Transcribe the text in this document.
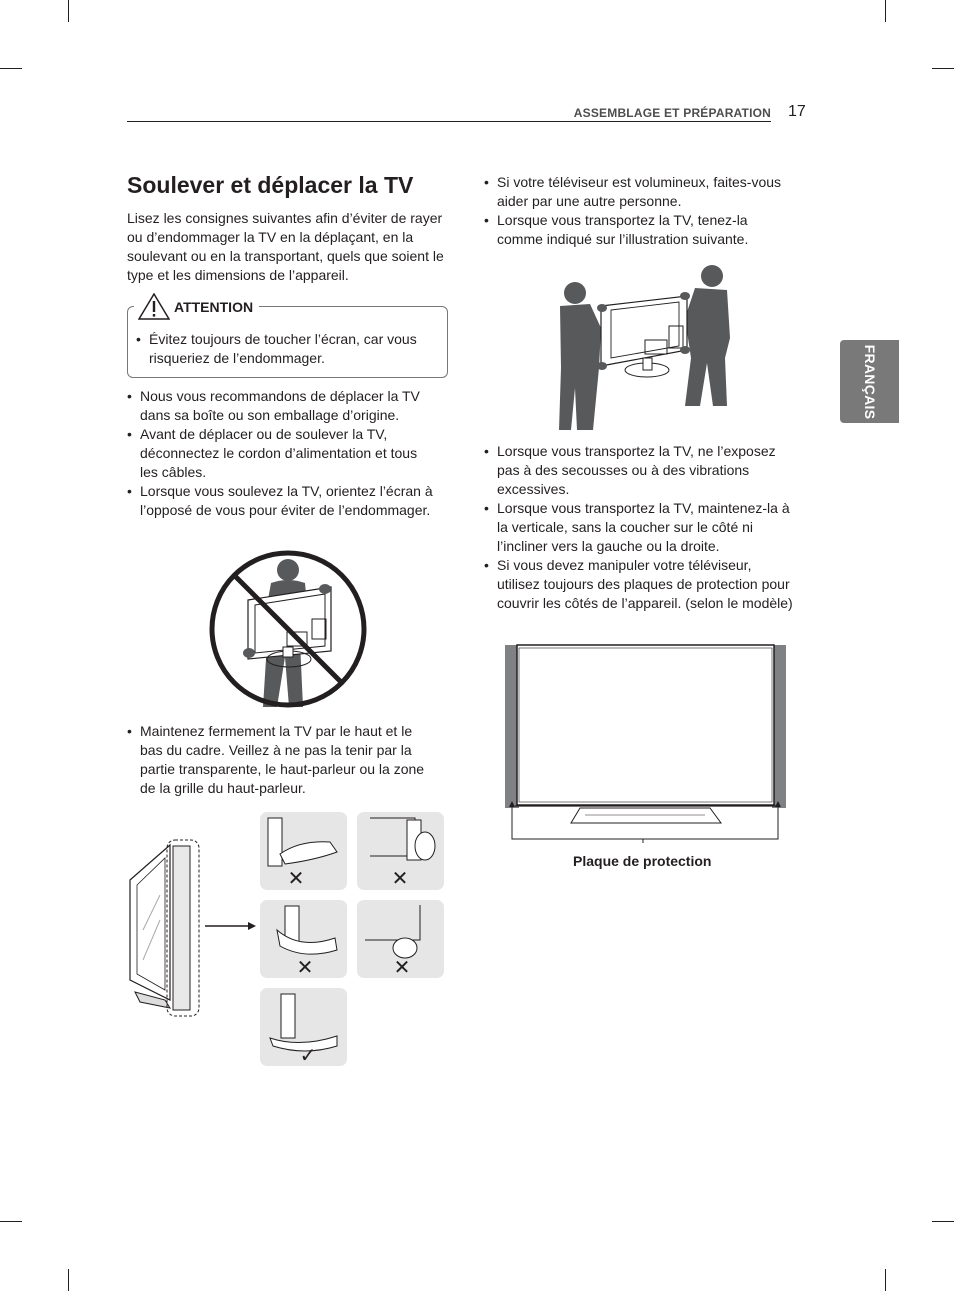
ASSEMBLAGE ET PRÉPARATION 17
FRANÇAIS
Soulever et déplacer la TV

Lisez les consignes suivantes afin d’éviter de rayer ou d’endommager la TV en la déplaçant, en la soulevant ou en la transportant, quels que soient le type et les dimensions de l’appareil.

ATTENTION
• Évitez toujours de toucher l’écran, car vous risqueriez de l’endommager.
• Nous vous recommandons de déplacer la TV dans sa boîte ou son emballage d’origine.
• Avant de déplacer ou de soulever la TV, déconnectez le cordon d’alimentation et tous les câbles.
• Lorsque vous soulevez la TV, orientez l’écran à l’opposé de vous pour éviter de l’endommager.
• Maintenez fermement la TV par le haut et le bas du cadre. Veillez à ne pas la tenir par la partie transparente, le haut-parleur ou la zone de la grille du haut-parleur.
✕	✕
✕	✕
✓
• Si votre téléviseur est volumineux, faites-vous aider par une autre personne.
• Lorsque vous transportez la TV, tenez-la comme indiqué sur l’illustration suivante.
• Lorsque vous transportez la TV, ne l’exposez pas à des secousses ou à des vibrations excessives.
• Lorsque vous transportez la TV, maintenez-la à la verticale, sans la coucher sur le côté ni l’incliner vers la gauche ou la droite.
• Si vous devez manipuler votre téléviseur, utilisez toujours des plaques de protection pour couvrir les côtés de l’appareil. (selon le modèle)
Plaque de protection
